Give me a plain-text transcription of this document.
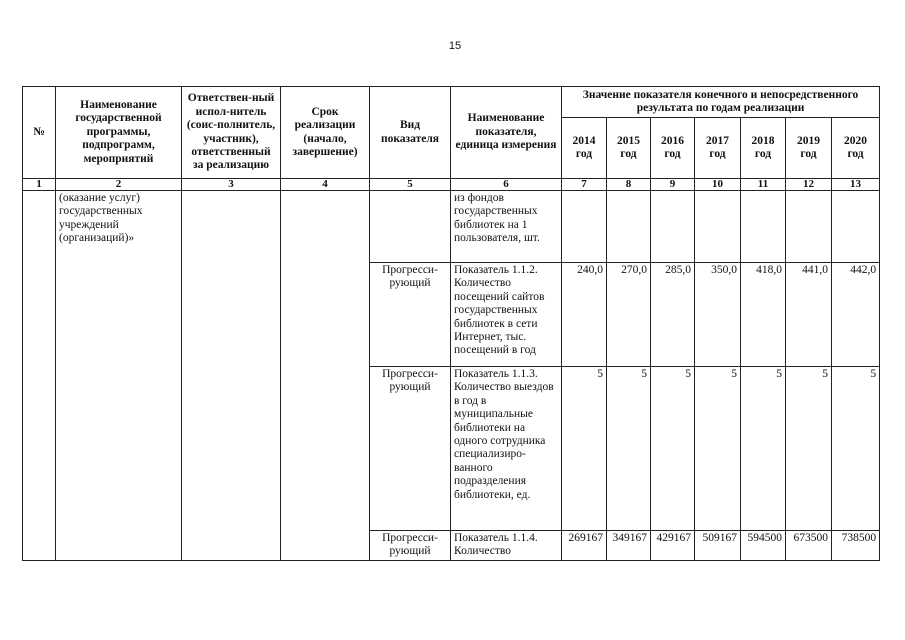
15
№	Наименование государственной программы, подпрограмм, мероприятий	Ответствен-ный испол-нитель (соис-полнитель, участник), ответственный за реализацию	Срок реализации (начало, завершение)	Вид показателя	Наименование показателя, единица измерения	Значение показателя конечного и непосредственного результата по годам реализации						
						2014 год	2015 год	2016 год	2017 год	2018 год	2019 год	2020 год
1	2	3	4	5	6	7	8	9	10	11	12	13
	(оказание услуг) государственных учреждений (организаций)»				из фондов государственных библиотек на 1 пользователя, шт.							
				Прогресси-рующий	Показатель 1.1.2. Количество посещений сайтов государственных библиотек в сети Интернет, тыс. посещений в год	240,0	270,0	285,0	350,0	418,0	441,0	442,0
				Прогресси-рующий	Показатель 1.1.3. Количество выездов в год в муниципальные библиотеки на одного сотрудника специализиро-ванного подразделения библиотеки, ед.	5	5	5	5	5	5	5
				Прогресси-рующий	Показатель 1.1.4. Количество	269167	349167	429167	509167	594500	673500	738500
